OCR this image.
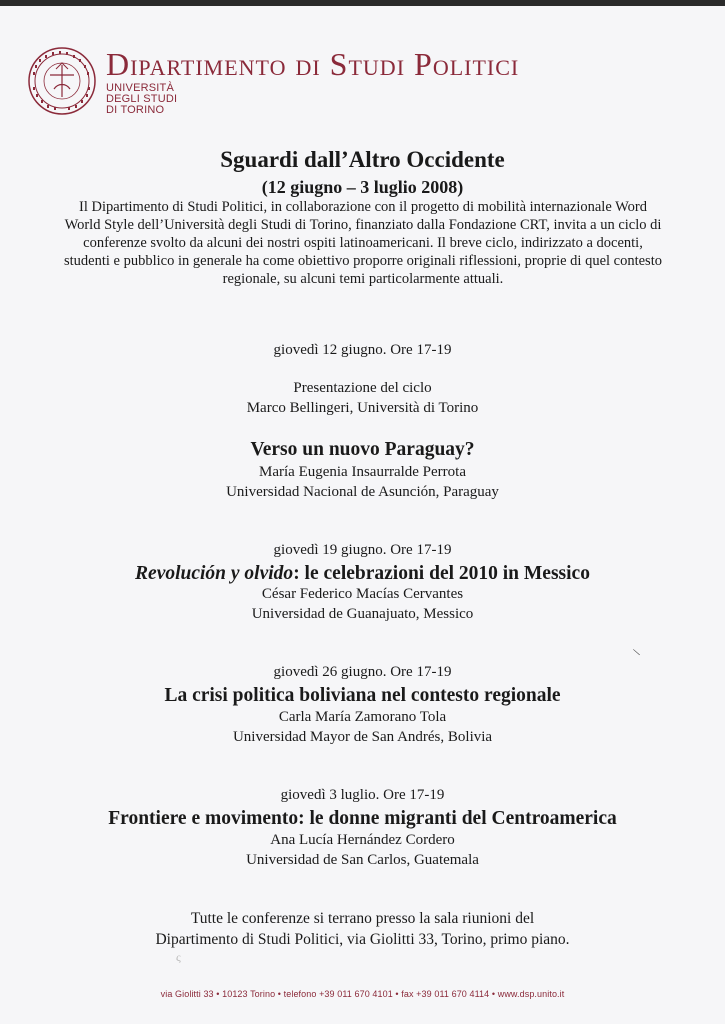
Dipartimento di Studi Politici
UNIVERSITÀ
DEGLI STUDI
DI TORINO
Sguardi dall’Altro Occidente
(12 giugno – 3 luglio 2008)
Il Dipartimento di Studi Politici, in collaborazione con il progetto di mobilità internazionale Word World Style dell’Università degli Studi di Torino, finanziato dalla Fondazione CRT, invita a un ciclo di conferenze svolto da alcuni dei nostri ospiti latinoamericani. Il breve ciclo, indirizzato a docenti, studenti e pubblico in generale ha come obiettivo proporre originali riflessioni, proprie di quel contesto regionale, su alcuni temi particolarmente attuali.
giovedì 12 giugno. Ore 17-19
Presentazione del ciclo
Marco Bellingeri, Università di Torino
Verso un nuovo Paraguay?
María Eugenia Insaurralde Perrota
Universidad Nacional de Asunción, Paraguay
giovedì 19 giugno. Ore 17-19
Revolución y olvido: le celebrazioni del 2010 in Messico
César Federico Macías Cervantes
Universidad de Guanajuato, Messico
giovedì 26 giugno. Ore 17-19
La crisi politica boliviana nel contesto regionale
Carla María Zamorano Tola
Universidad Mayor de San Andrés, Bolivia
giovedì 3 luglio. Ore 17-19
Frontiere e movimento: le donne migranti del Centroamerica
Ana Lucía Hernández Cordero
Universidad de San Carlos, Guatemala
Tutte le conferenze si terrano presso la sala riunioni del
Dipartimento di Studi Politici, via Giolitti 33, Torino, primo piano.
\
ς
via Giolitti 33 • 10123 Torino • telefono +39 011 670 4101 • fax +39 011 670 4114 • www.dsp.unito.it
